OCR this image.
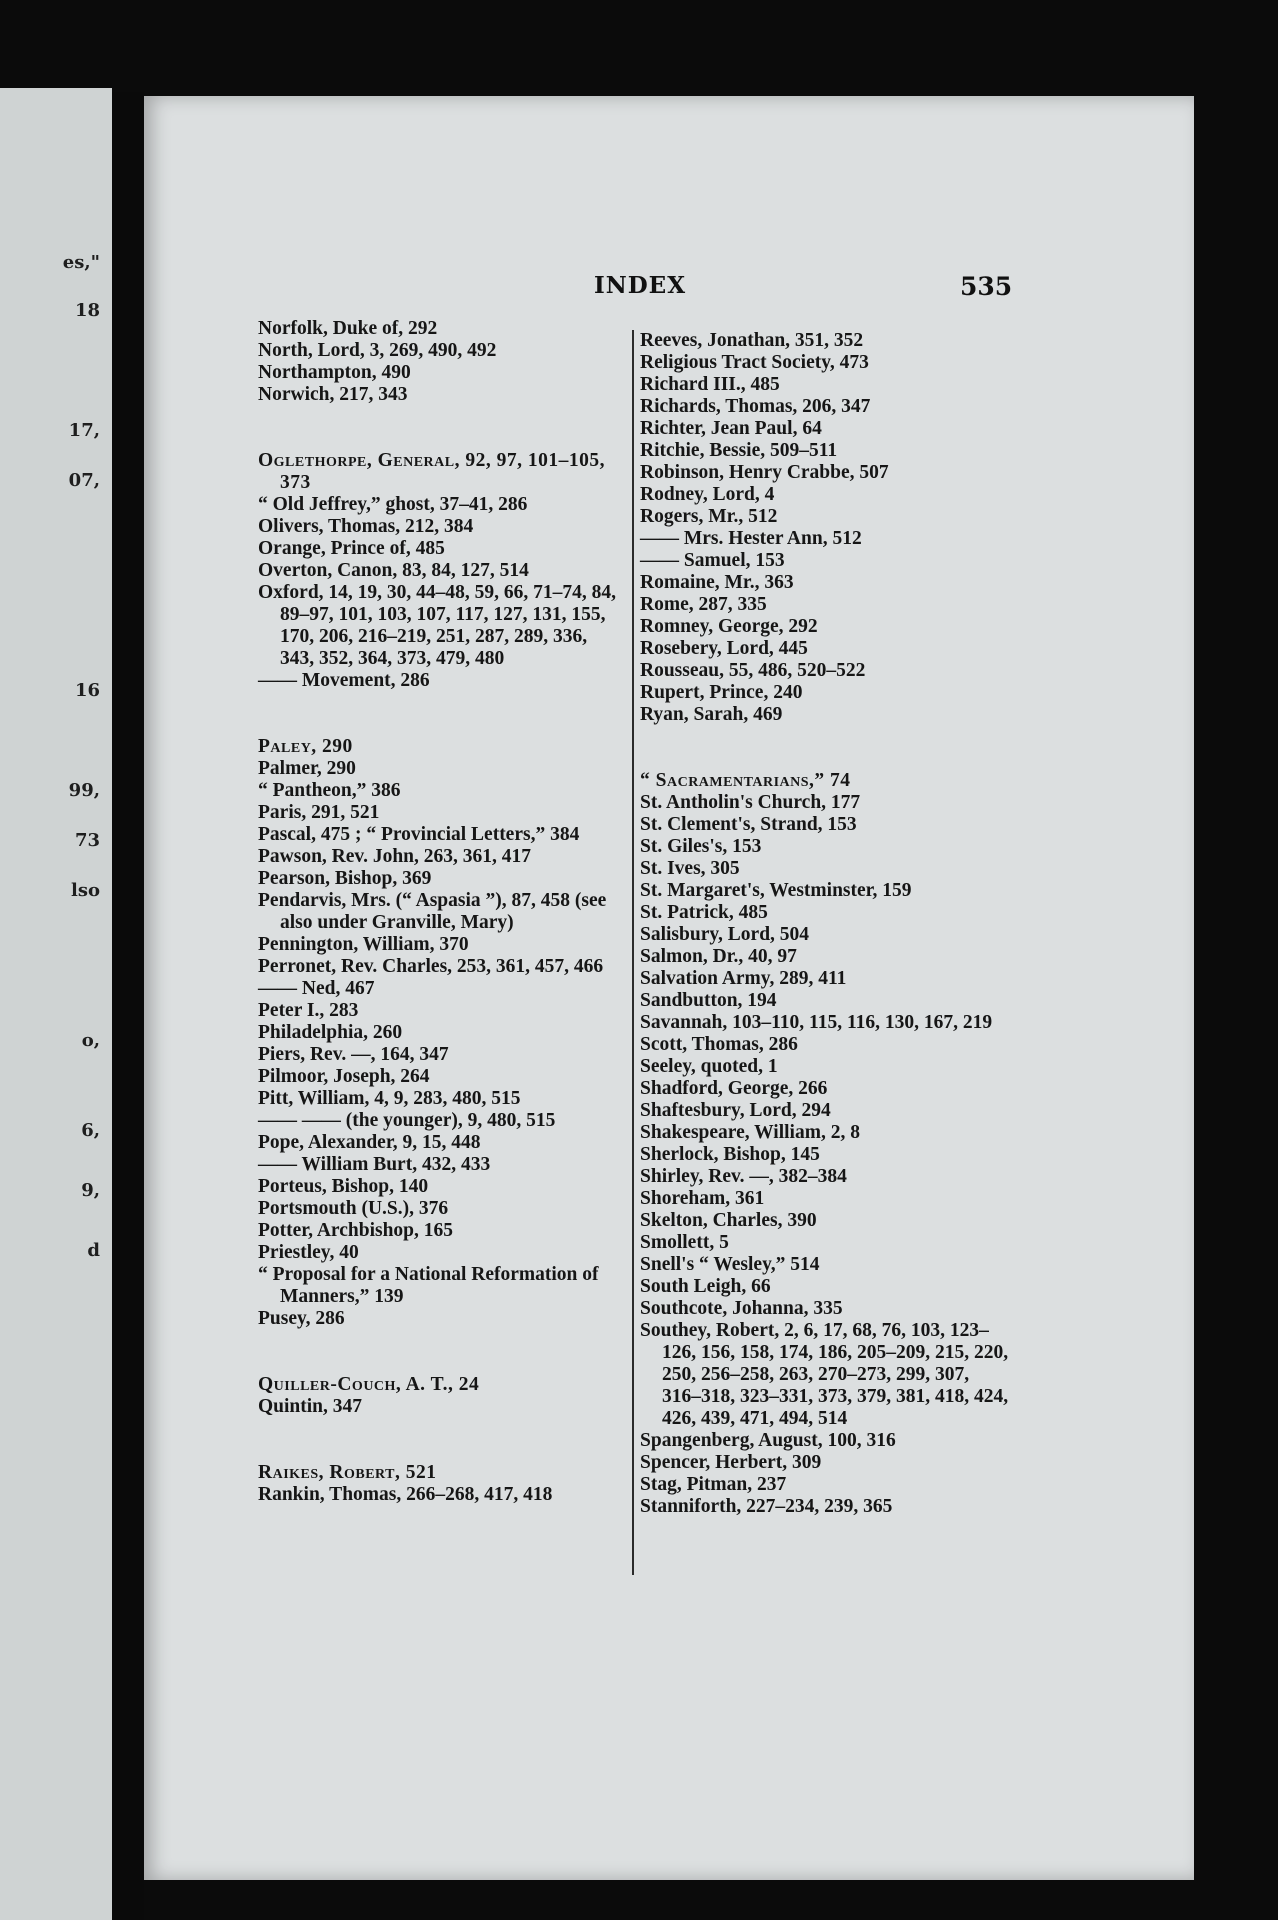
es,"
18
17,
07,
16
99,
73
lso
o,
6,
9,
d
INDEX	535

Norfolk, Duke of, 292

North, Lord, 3, 269, 490, 492

Northampton, 490

Norwich, 217, 343

Oglethorpe, General, 92, 97, 101–105, 373

“ Old Jeffrey,” ghost, 37–41, 286

Olivers, Thomas, 212, 384

Orange, Prince of, 485

Overton, Canon, 83, 84, 127, 514

Oxford, 14, 19, 30, 44–48, 59, 66, 71–74, 84, 89–97, 101, 103, 107, 117, 127, 131, 155, 170, 206, 216–219, 251, 287, 289, 336, 343, 352, 364, 373, 479, 480

—— Movement, 286

Paley, 290

Palmer, 290

“ Pantheon,” 386

Paris, 291, 521

Pascal, 475 ; “ Provincial Letters,” 384

Pawson, Rev. John, 263, 361, 417

Pearson, Bishop, 369

Pendarvis, Mrs. (“ Aspasia ”), 87, 458 (see also under Granville, Mary)

Pennington, William, 370

Perronet, Rev. Charles, 253, 361, 457, 466

—— Ned, 467

Peter I., 283

Philadelphia, 260

Piers, Rev. —, 164, 347

Pilmoor, Joseph, 264

Pitt, William, 4, 9, 283, 480, 515

—— —— (the younger), 9, 480, 515

Pope, Alexander, 9, 15, 448

—— William Burt, 432, 433

Porteus, Bishop, 140

Portsmouth (U.S.), 376

Potter, Archbishop, 165

Priestley, 40

“ Proposal for a National Reformation of Manners,” 139

Pusey, 286

Quiller-Couch, A. T., 24

Quintin, 347

Raikes, Robert, 521

Rankin, Thomas, 266–268, 417, 418

Reeves, Jonathan, 351, 352

Religious Tract Society, 473

Richard III., 485

Richards, Thomas, 206, 347

Richter, Jean Paul, 64

Ritchie, Bessie, 509–511

Robinson, Henry Crabbe, 507

Rodney, Lord, 4

Rogers, Mr., 512

—— Mrs. Hester Ann, 512

—— Samuel, 153

Romaine, Mr., 363

Rome, 287, 335

Romney, George, 292

Rosebery, Lord, 445

Rousseau, 55, 486, 520–522

Rupert, Prince, 240

Ryan, Sarah, 469

“ Sacramentarians,” 74

St. Antholin's Church, 177

St. Clement's, Strand, 153

St. Giles's, 153

St. Ives, 305

St. Margaret's, Westminster, 159

St. Patrick, 485

Salisbury, Lord, 504

Salmon, Dr., 40, 97

Salvation Army, 289, 411

Sandbutton, 194

Savannah, 103–110, 115, 116, 130, 167, 219

Scott, Thomas, 286

Seeley, quoted, 1

Shadford, George, 266

Shaftesbury, Lord, 294

Shakespeare, William, 2, 8

Sherlock, Bishop, 145

Shirley, Rev. —, 382–384

Shoreham, 361

Skelton, Charles, 390

Smollett, 5

Snell's “ Wesley,” 514

South Leigh, 66

Southcote, Johanna, 335

Southey, Robert, 2, 6, 17, 68, 76, 103, 123–126, 156, 158, 174, 186, 205–209, 215, 220, 250, 256–258, 263, 270–273, 299, 307, 316–318, 323–331, 373, 379, 381, 418, 424, 426, 439, 471, 494, 514

Spangenberg, August, 100, 316

Spencer, Herbert, 309

Stag, Pitman, 237

Stanniforth, 227–234, 239, 365
